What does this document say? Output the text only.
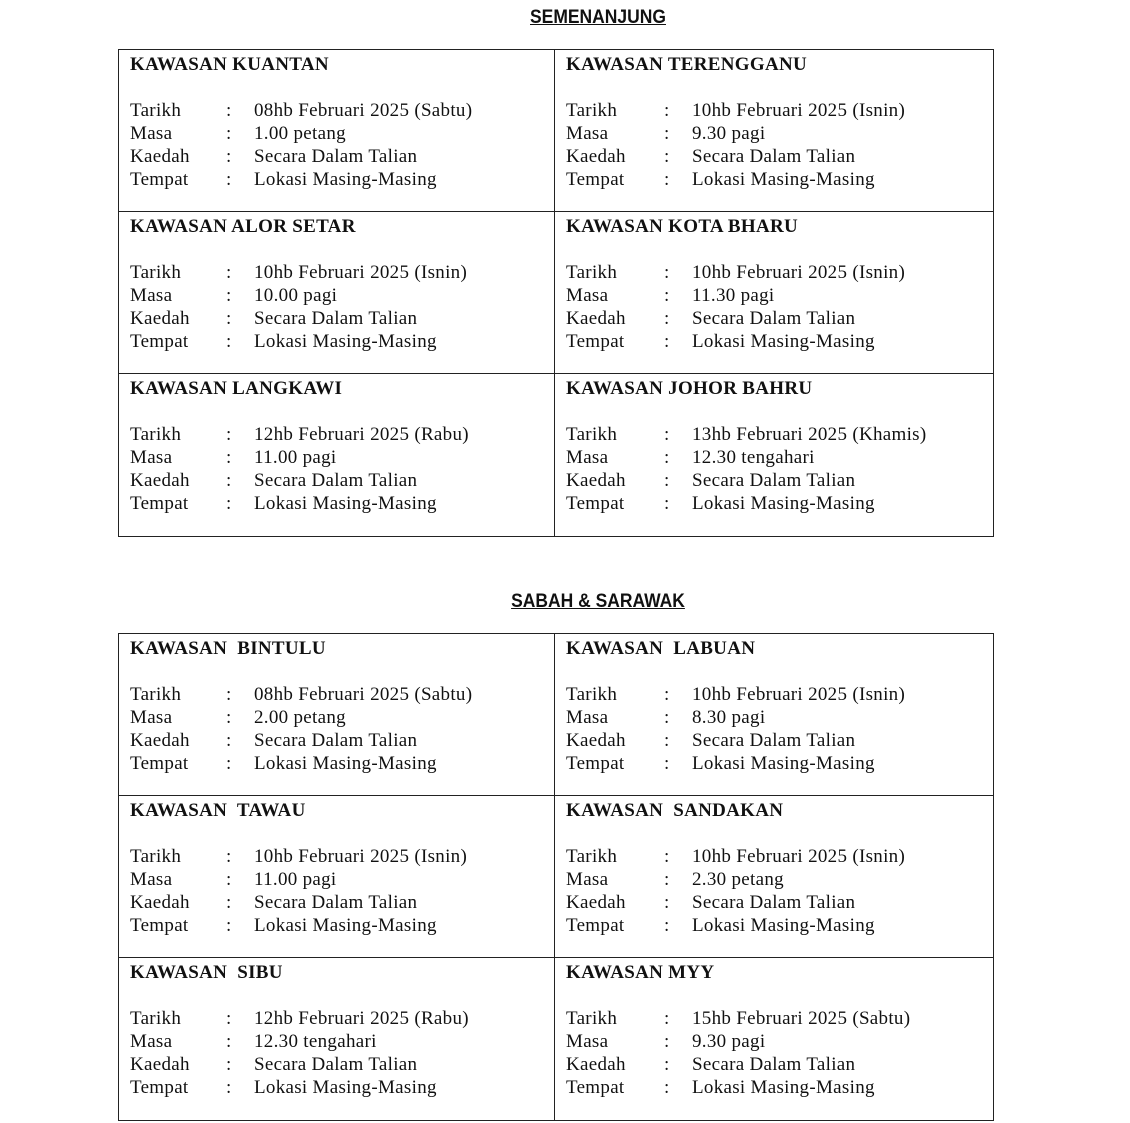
SEMENANJUNG
KAWASAN KUANTAN
Tarikh	:	08hb Februari 2025 (Sabtu)
Masa	:	1.00 petang
Kaedah	:	Secara Dalam Talian
Tempat	:	Lokasi Masing-Masing
KAWASAN TERENGGANU
Tarikh	:	10hb Februari 2025 (Isnin)
Masa	:	9.30 pagi
Kaedah	:	Secara Dalam Talian
Tempat	:	Lokasi Masing-Masing
KAWASAN ALOR SETAR
Tarikh	:	10hb Februari 2025 (Isnin)
Masa	:	10.00 pagi
Kaedah	:	Secara Dalam Talian
Tempat	:	Lokasi Masing-Masing
KAWASAN KOTA BHARU
Tarikh	:	10hb Februari 2025 (Isnin)
Masa	:	11.30 pagi
Kaedah	:	Secara Dalam Talian
Tempat	:	Lokasi Masing-Masing
KAWASAN LANGKAWI
Tarikh	:	12hb Februari 2025 (Rabu)
Masa	:	11.00 pagi
Kaedah	:	Secara Dalam Talian
Tempat	:	Lokasi Masing-Masing
KAWASAN JOHOR BAHRU
Tarikh	:	13hb Februari 2025 (Khamis)
Masa	:	12.30 tengahari
Kaedah	:	Secara Dalam Talian
Tempat	:	Lokasi Masing-Masing
SABAH & SARAWAK
KAWASAN  BINTULU
Tarikh	:	08hb Februari 2025 (Sabtu)
Masa	:	2.00 petang
Kaedah	:	Secara Dalam Talian
Tempat	:	Lokasi Masing-Masing
KAWASAN  LABUAN
Tarikh	:	10hb Februari 2025 (Isnin)
Masa	:	8.30 pagi
Kaedah	:	Secara Dalam Talian
Tempat	:	Lokasi Masing-Masing
KAWASAN  TAWAU
Tarikh	:	10hb Februari 2025 (Isnin)
Masa	:	11.00 pagi
Kaedah	:	Secara Dalam Talian
Tempat	:	Lokasi Masing-Masing
KAWASAN  SANDAKAN
Tarikh	:	10hb Februari 2025 (Isnin)
Masa	:	2.30 petang
Kaedah	:	Secara Dalam Talian
Tempat	:	Lokasi Masing-Masing
KAWASAN  SIBU
Tarikh	:	12hb Februari 2025 (Rabu)
Masa	:	12.30 tengahari
Kaedah	:	Secara Dalam Talian
Tempat	:	Lokasi Masing-Masing
KAWASAN MYY
Tarikh	:	15hb Februari 2025 (Sabtu)
Masa	:	9.30 pagi
Kaedah	:	Secara Dalam Talian
Tempat	:	Lokasi Masing-Masing
